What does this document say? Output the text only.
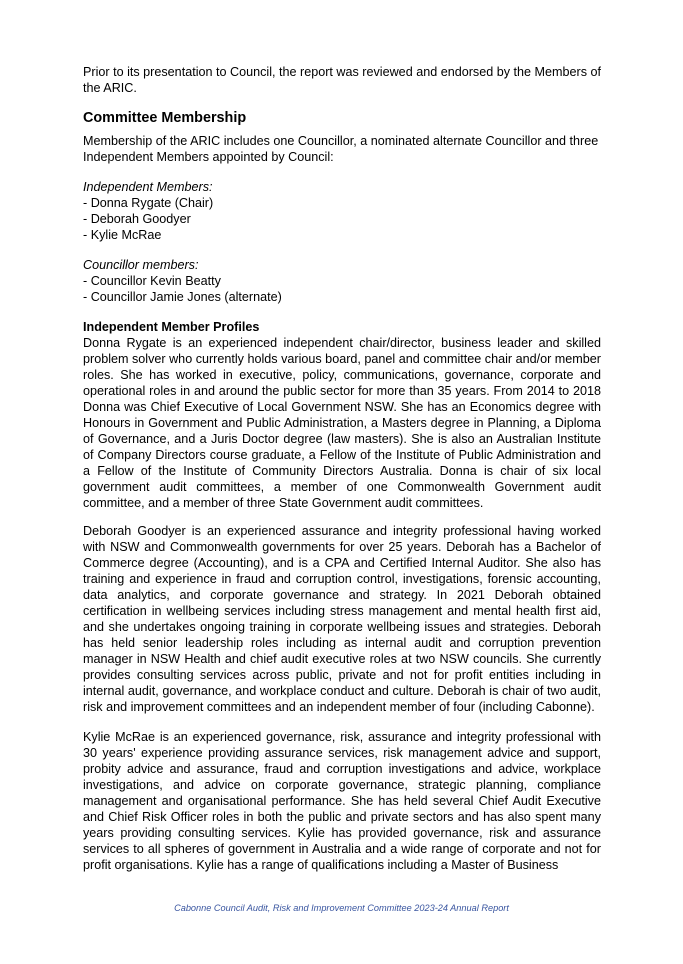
Prior to its presentation to Council, the report was reviewed and endorsed by the Members of the ARIC.

Committee Membership

Membership of the ARIC includes one Councillor, a nominated alternate Councillor and three Independent Members appointed by Council:

Independent Members:
- Donna Rygate (Chair)
- Deborah Goodyer
- Kylie McRae
Councillor members:
- Councillor Kevin Beatty
- Councillor Jamie Jones (alternate)
Independent Member Profiles

Donna Rygate is an experienced independent chair/director, business leader and skilled problem solver who currently holds various board, panel and committee chair and/or member roles. She has worked in executive, policy, communications, governance, corporate and operational roles in and around the public sector for more than 35 years. From 2014 to 2018 Donna was Chief Executive of Local Government NSW. She has an Economics degree with Honours in Government and Public Administration, a Masters degree in Planning, a Diploma of Governance, and a Juris Doctor degree (law masters). She is also an Australian Institute of Company Directors course graduate, a Fellow of the Institute of Public Administration and a Fellow of the Institute of Community Directors Australia. Donna is chair of six local government audit committees, a member of one Commonwealth Government audit committee, and a member of three State Government audit committees.

Deborah Goodyer is an experienced assurance and integrity professional having worked with NSW and Commonwealth governments for over 25 years. Deborah has a Bachelor of Commerce degree (Accounting), and is a CPA and Certified Internal Auditor. She also has training and experience in fraud and corruption control, investigations, forensic accounting, data analytics, and corporate governance and strategy. In 2021 Deborah obtained certification in wellbeing services including stress management and mental health first aid, and she undertakes ongoing training in corporate wellbeing issues and strategies. Deborah has held senior leadership roles including as internal audit and corruption prevention manager in NSW Health and chief audit executive roles at two NSW councils. She currently provides consulting services across public, private and not for profit entities including in internal audit, governance, and workplace conduct and culture. Deborah is chair of two audit, risk and improvement committees and an independent member of four (including Cabonne).

Kylie McRae is an experienced governance, risk, assurance and integrity professional with 30 years' experience providing assurance services, risk management advice and support, probity advice and assurance, fraud and corruption investigations and advice, workplace investigations, and advice on corporate governance, strategic planning, compliance management and organisational performance. She has held several Chief Audit Executive and Chief Risk Officer roles in both the public and private sectors and has also spent many years providing consulting services. Kylie has provided governance, risk and assurance services to all spheres of government in Australia and a wide range of corporate and not for profit organisations. Kylie has a range of qualifications including a Master of Business

Cabonne Council Audit, Risk and Improvement Committee 2023-24 Annual Report
